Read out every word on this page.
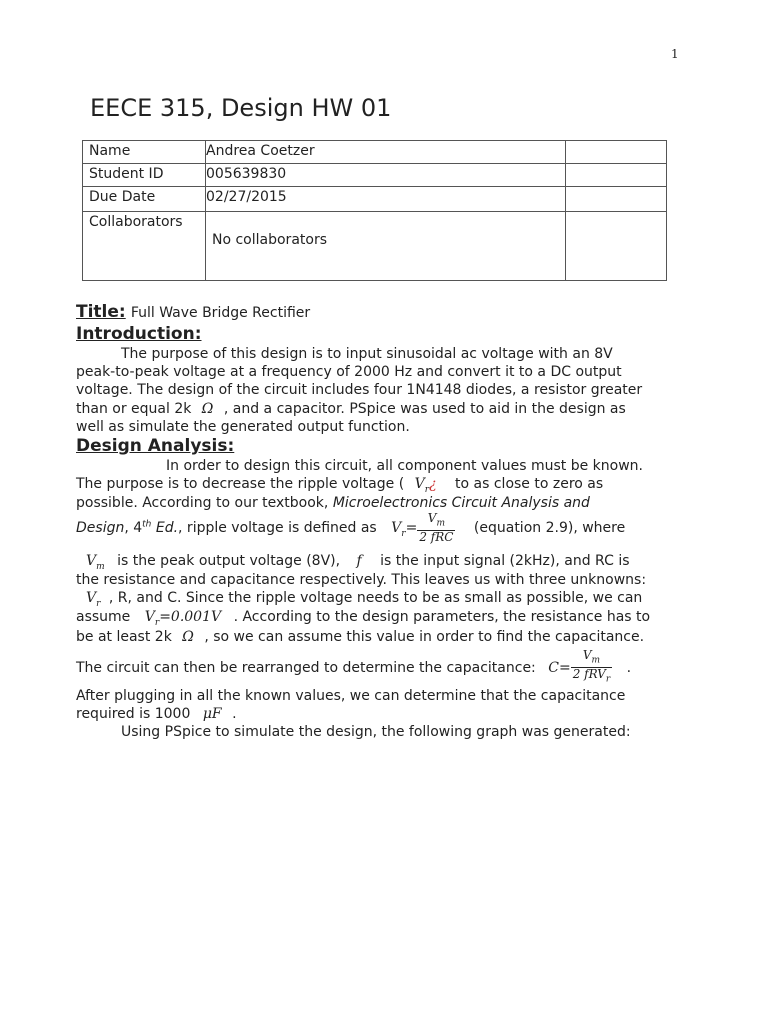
1
EECE 315, Design HW 01
Name	Andrea Coetzer	
Student ID	005639830	
Due Date	02/27/2015	
Collaborators	No collaborators	
Title: Full Wave Bridge Rectifier
Introduction:
The purpose of this design is to input sinusoidal ac voltage with an 8V
peak-to-peak voltage at a frequency of 2000 Hz and convert it to a DC output
voltage. The design of the circuit includes four 1N4148 diodes, a resistor greater
than or equal 2k Ω , and a capacitor. PSpice was used to aid in the design as
well as simulate the generated output function.
Design Analysis:
In order to design this circuit, all component values must be known.
The purpose is to decrease the ripple voltage ( $V_r¿$ to as close to zero as
possible. According to our textbook, Microelectronics Circuit Analysis and
Design, 4th Ed., ripple voltage is defined as $V_r= \frac{V_m}{\text{2 fRC}}$ (equation 2.9), where
$V_m$ is the peak output voltage (8V), f is the input signal (2kHz), and RC is
the resistance and capacitance respectively. This leaves us with three unknowns:
$V_r$ , R, and C. Since the ripple voltage needs to be as small as possible, we can
assume $V_r=0.001V$ . According to the design parameters, the resistance has to
be at least 2k Ω , so we can assume this value in order to find the capacitance.
The circuit can then be rearranged to determine the capacitance: $C= \frac{V_m}{2 fRV_r}$ .
After plugging in all the known values, we can determine that the capacitance
required is 1000 μF .
Using PSpice to simulate the design, the following graph was generated:
